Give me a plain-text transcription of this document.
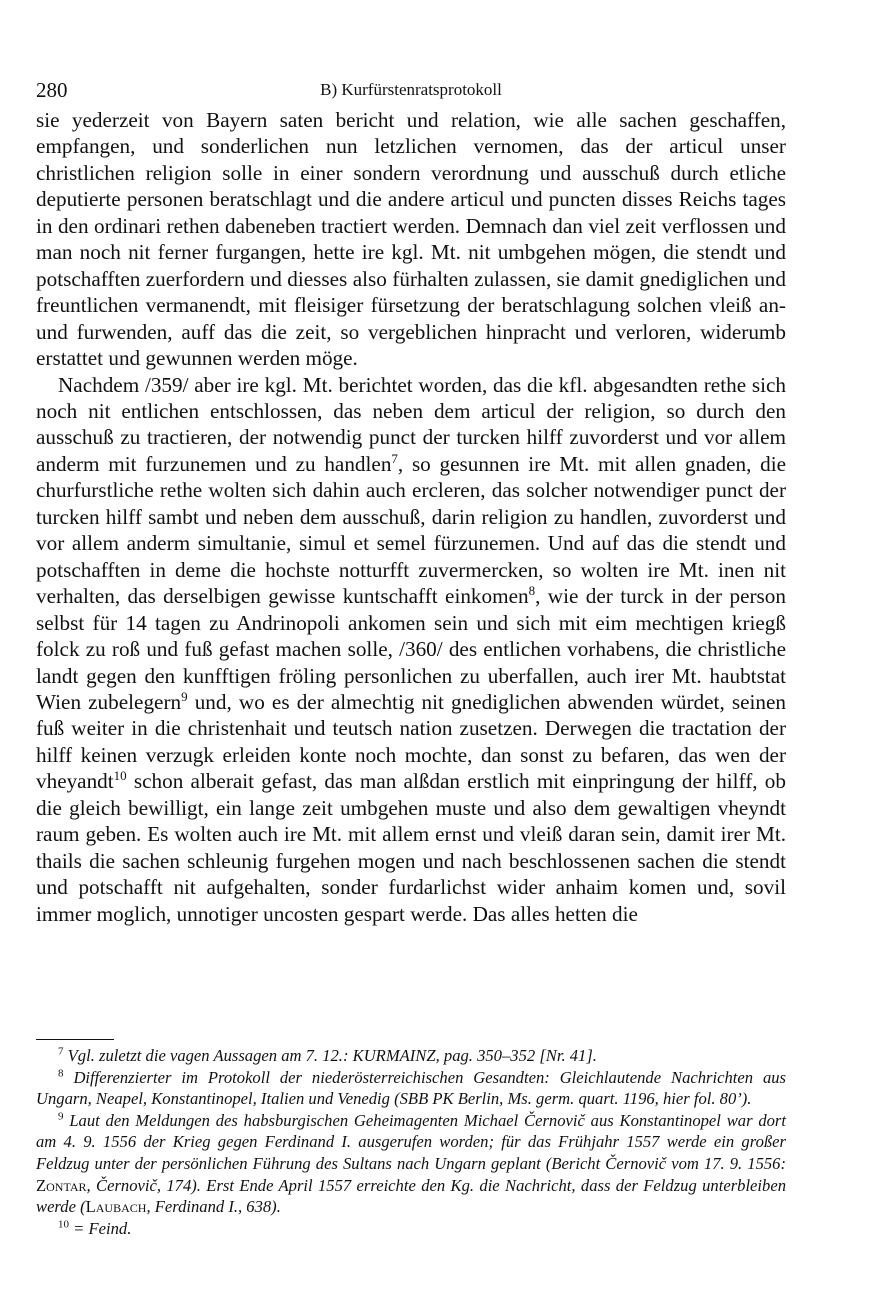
280	B) Kurfürstenratsprotokoll

sie yederzeit von Bayern saten bericht und relation, wie alle sachen geschaffen, empfangen, und sonderlichen nun letzlichen vernomen, das der articul unser christlichen religion solle in einer sondern verordnung und ausschuß durch etliche deputierte personen beratschlagt und die andere articul und puncten disses Reichs tages in den ordinari rethen dabeneben tractiert werden. Demnach dan viel zeit verflossen und man noch nit ferner furgangen, hette ire kgl. Mt. nit umbgehen mögen, die stendt und potschafften zuerfordern und diesses also fürhalten zulassen, sie damit gnediglichen und freuntlichen vermanendt, mit fleisiger fürsetzung der beratschlagung solchen vleiß an- und furwenden, auff das die zeit, so vergeblichen hinpracht und verloren, widerumb erstattet und gewunnen werden möge.

Nachdem /359/ aber ire kgl. Mt. berichtet worden, das die kfl. abgesandten rethe sich noch nit entlichen entschlossen, das neben dem articul der religion, so durch den ausschuß zu tractieren, der notwendig punct der turcken hilff zuvorderst und vor allem anderm mit furzunemen und zu handlen$^7$, so gesunnen ire Mt. mit allen gnaden, die churfurstliche rethe wolten sich dahin auch ercleren, das solcher notwendiger punct der turcken hilff sambt und neben dem ausschuß, darin religion zu handlen, zuvorderst und vor allem anderm simultanie, simul et semel fürzunemen. Und auf das die stendt und potschafften in deme die hochste notturfft zuvermercken, so wolten ire Mt. inen nit verhalten, das derselbigen gewisse kuntschafft einkomen$^8$, wie der turck in der person selbst für 14 tagen zu Andrinopoli ankomen sein und sich mit eim mechtigen kriegß folck zu roß und fuß gefast machen solle, /360/ des entlichen vorhabens, die christliche landt gegen den kunfftigen fröling personlichen zu uberfallen, auch irer Mt. haubtstat Wien zubelegern$^9$ und, wo es der almechtig nit gnediglichen abwenden würdet, seinen fuß weiter in die christenhait und teutsch nation zusetzen. Derwegen die tractation der hilff keinen verzugk erleiden konte noch mochte, dan sonst zu befaren, das wen der vheyandt$^{10}$ schon alberait gefast, das man alßdan erstlich mit einpringung der hilff, ob die gleich bewilligt, ein lange zeit umbgehen muste und also dem gewaltigen vheyndt raum geben. Es wolten auch ire Mt. mit allem ernst und vleiß daran sein, damit irer Mt. thails die sachen schleunig furgehen mogen und nach beschlossenen sachen die stendt und potschafft nit aufgehalten, sonder furdarlichst wider anhaim komen und, sovil immer moglich, unnotiger uncosten gespart werde. Das alles hetten die

$^7$ Vgl. zuletzt die vagen Aussagen am 7. 12.: KURMAINZ, pag. 350–352 [Nr. 41].

$^8$ Differenzierter im Protokoll der niederösterreichischen Gesandten: Gleichlautende Nachrichten aus Ungarn, Neapel, Konstantinopel, Italien und Venedig (SBB PK Berlin, Ms. germ. quart. 1196, hier fol. 80’).

$^9$ Laut den Meldungen des habsburgischen Geheimagenten Michael Černovič aus Konstantinopel war dort am 4. 9. 1556 der Krieg gegen Ferdinand I. ausgerufen worden; für das Frühjahr 1557 werde ein großer Feldzug unter der persönlichen Führung des Sultans nach Ungarn geplant (Bericht Černovič vom 17. 9. 1556: Zontar, Černovič, 174). Erst Ende April 1557 erreichte den Kg. die Nachricht, dass der Feldzug unterbleiben werde (Laubach, Ferdinand I., 638).

$^{10}$ = Feind.
